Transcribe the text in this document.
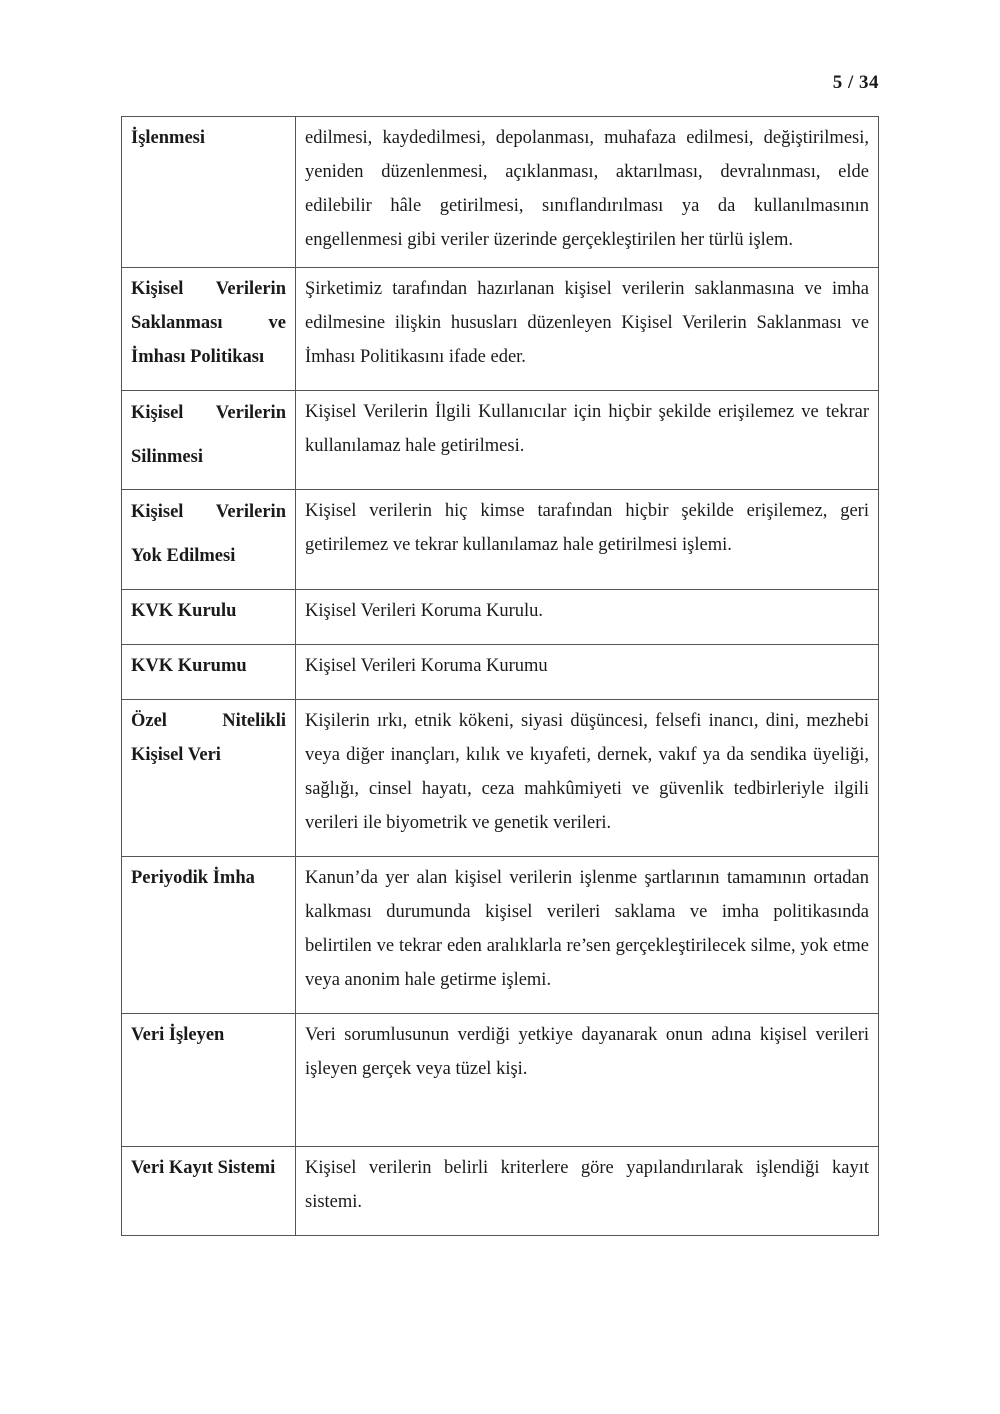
5 / 34
İşlenmesi	edilmesi, kaydedilmesi, depolanması, muhafaza edilmesi, değiştirilmesi, yeniden düzenlenmesi, açıklanması, aktarılması, devralınması, elde edilebilir hâle getirilmesi, sınıflandırılması ya da kullanılmasının engellenmesi gibi veriler üzerinde gerçekleştirilen her türlü işlem.
Kişisel Verilerin Saklanması ve İmhası Politikası	Şirketimiz tarafından hazırlanan kişisel verilerin saklanmasına ve imha edilmesine ilişkin hususları düzenleyen Kişisel Verilerin Saklanması ve İmhası Politikasını ifade eder.
Kişisel Verilerin Silinmesi	Kişisel Verilerin İlgili Kullanıcılar için hiçbir şekilde erişilemez ve tekrar kullanılamaz hale getirilmesi.
Kişisel Verilerin Yok Edilmesi	Kişisel verilerin hiç kimse tarafından hiçbir şekilde erişilemez, geri getirilemez ve tekrar kullanılamaz hale getirilmesi işlemi.
KVK Kurulu	Kişisel Verileri Koruma Kurulu.
KVK Kurumu	Kişisel Verileri Koruma Kurumu
Özel Nitelikli Kişisel Veri	Kişilerin ırkı, etnik kökeni, siyasi düşüncesi, felsefi inancı, dini, mezhebi veya diğer inançları, kılık ve kıyafeti, dernek, vakıf ya da sendika üyeliği, sağlığı, cinsel hayatı, ceza mahkûmiyeti ve güvenlik tedbirleriyle ilgili verileri ile biyometrik ve genetik verileri.
Periyodik İmha	Kanun’da yer alan kişisel verilerin işlenme şartlarının tamamının ortadan kalkması durumunda kişisel verileri saklama ve imha politikasında belirtilen ve tekrar eden aralıklarla re’sen gerçekleştirilecek silme, yok etme veya anonim hale getirme işlemi.
Veri İşleyen	Veri sorumlusunun verdiği yetkiye dayanarak onun adına kişisel verileri işleyen gerçek veya tüzel kişi.
Veri Kayıt Sistemi	Kişisel verilerin belirli kriterlere göre yapılandırılarak işlendiği kayıt sistemi.
